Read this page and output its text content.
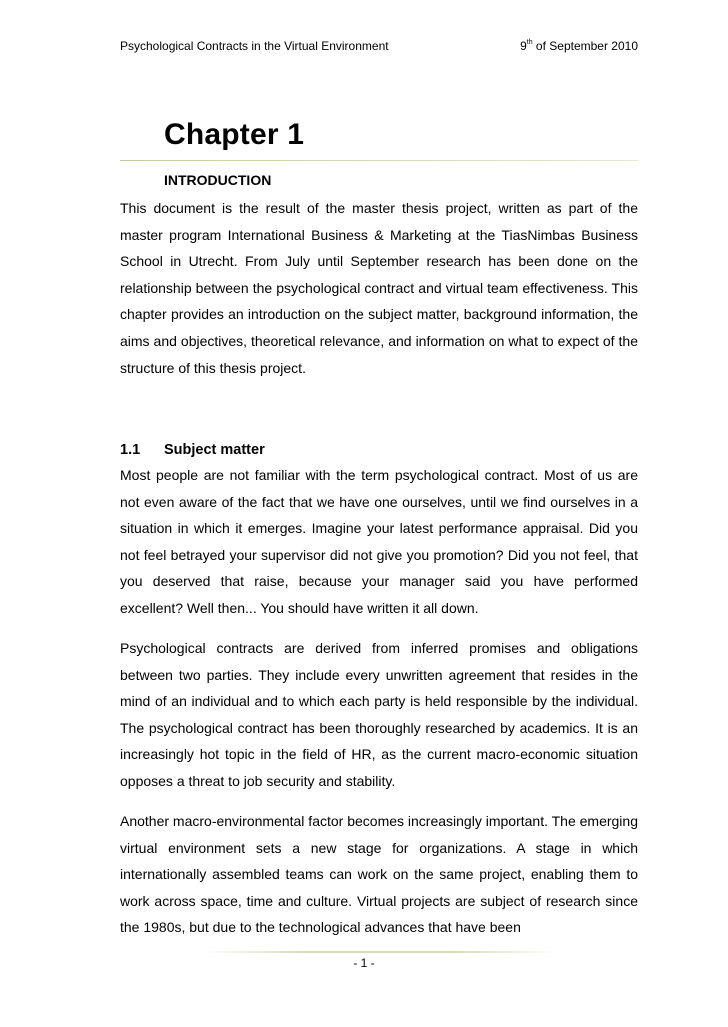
Psychological Contracts in the Virtual Environment	9th of September 2010
Chapter 1
INTRODUCTION
This document is the result of the master thesis project, written as part of the master program International Business & Marketing at the TiasNimbas Business School in Utrecht. From July until September research has been done on the relationship between the psychological contract and virtual team effectiveness. This chapter provides an introduction on the subject matter, background information, the aims and objectives, theoretical relevance, and information on what to expect of the structure of this thesis project.
1.1 Subject matter
Most people are not familiar with the term psychological contract. Most of us are not even aware of the fact that we have one ourselves, until we find ourselves in a situation in which it emerges. Imagine your latest performance appraisal. Did you not feel betrayed your supervisor did not give you promotion? Did you not feel, that you deserved that raise, because your manager said you have performed excellent? Well then... You should have written it all down.
Psychological contracts are derived from inferred promises and obligations between two parties. They include every unwritten agreement that resides in the mind of an individual and to which each party is held responsible by the individual. The psychological contract has been thoroughly researched by academics. It is an increasingly hot topic in the field of HR, as the current macro-economic situation opposes a threat to job security and stability.
Another macro-environmental factor becomes increasingly important. The emerging virtual environment sets a new stage for organizations. A stage in which internationally assembled teams can work on the same project, enabling them to work across space, time and culture. Virtual projects are subject of research since the 1980s, but due to the technological advances that have been
- 1 -
